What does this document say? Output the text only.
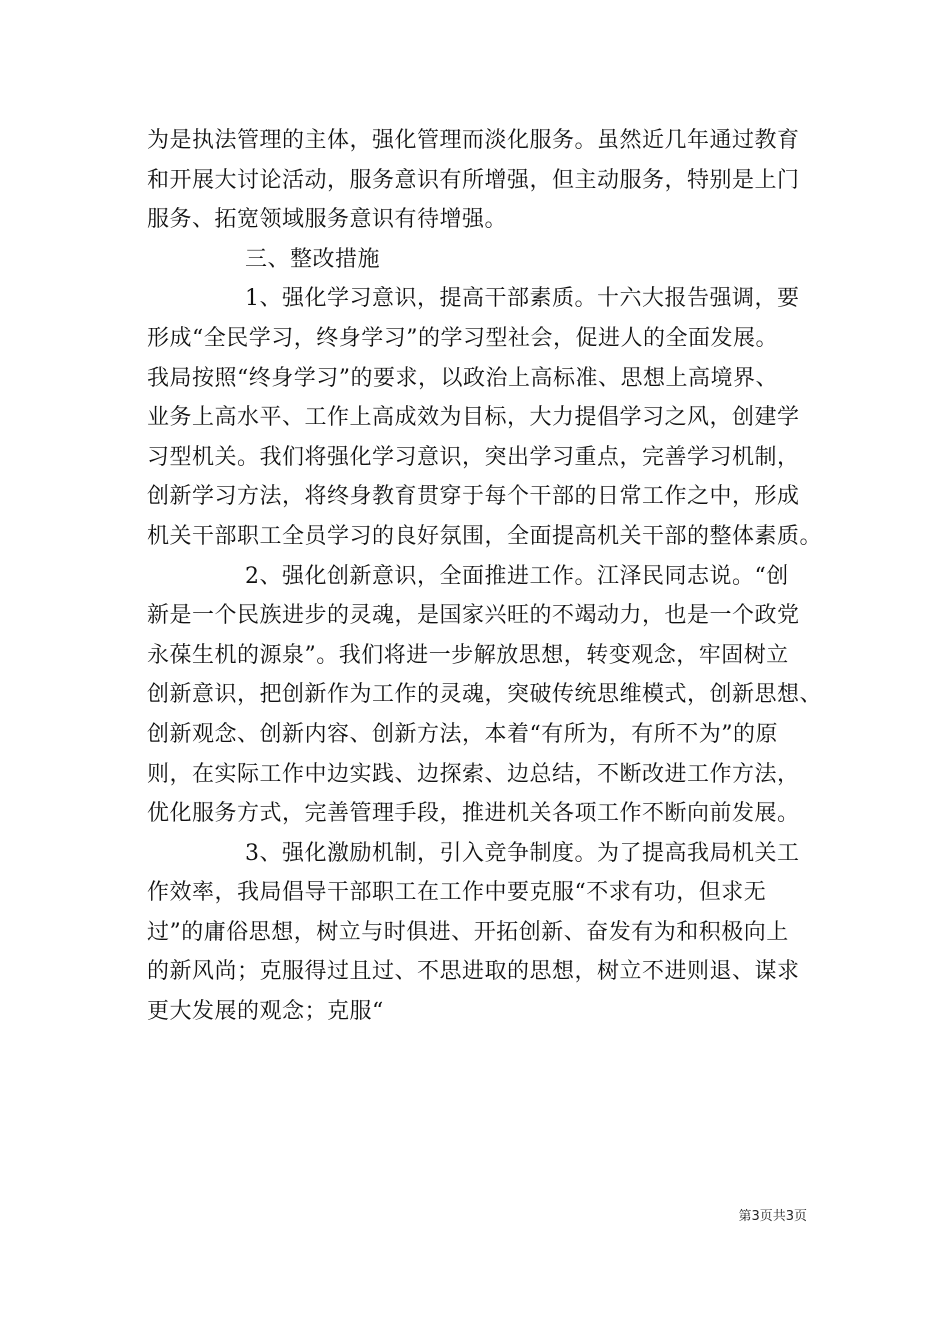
为是执法管理的主体，强化管理而淡化服务。虽然近几年通过教育
和开展大讨论活动，服务意识有所增强，但主动服务，特别是上门
服务、拓宽领域服务意识有待增强。
三、整改措施
1、强化学习意识，提高干部素质。十六大报告强调，要
形成“全民学习，终身学习”的学习型社会，促进人的全面发展。
我局按照“终身学习”的要求，以政治上高标准、思想上高境界、
业务上高水平、工作上高成效为目标，大力提倡学习之风，创建学
习型机关。我们将强化学习意识，突出学习重点，完善学习机制，
创新学习方法，将终身教育贯穿于每个干部的日常工作之中，形成
机关干部职工全员学习的良好氛围，全面提高机关干部的整体素质。
2、强化创新意识，全面推进工作。江泽民同志说。“创
新是一个民族进步的灵魂，是国家兴旺的不竭动力，也是一个政党
永葆生机的源泉”。我们将进一步解放思想，转变观念，牢固树立
创新意识，把创新作为工作的灵魂，突破传统思维模式，创新思想、
创新观念、创新内容、创新方法，本着“有所为，有所不为”的原
则，在实际工作中边实践、边探索、边总结，不断改进工作方法，
优化服务方式，完善管理手段，推进机关各项工作不断向前发展。
3、强化激励机制，引入竞争制度。为了提高我局机关工
作效率，我局倡导干部职工在工作中要克服“不求有功，但求无
过”的庸俗思想，树立与时俱进、开拓创新、奋发有为和积极向上
的新风尚；克服得过且过、不思进取的思想，树立不进则退、谋求
更大发展的观念；克服“
第3页共3页
